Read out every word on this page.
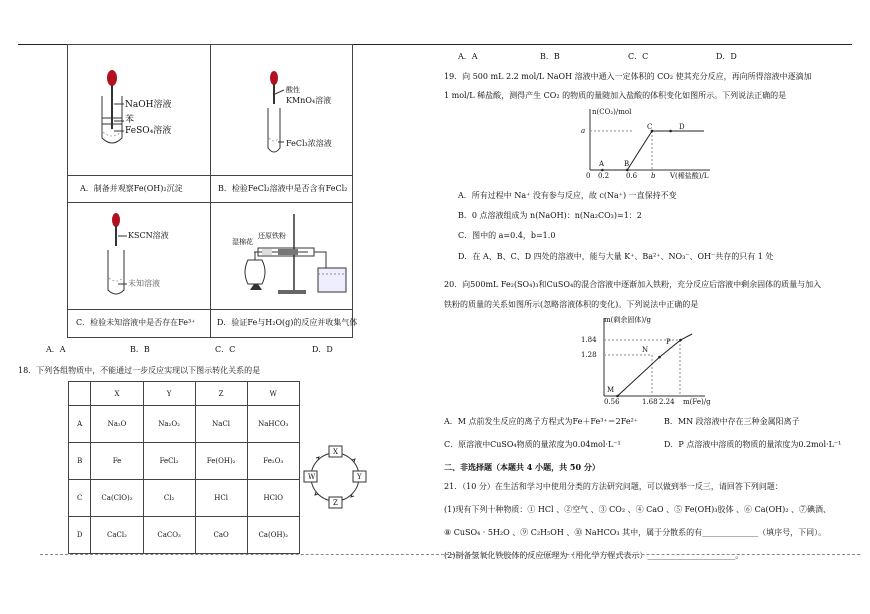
NaOH溶液
苯
FeSO₄溶液
酸性
KMnO₄溶液
FeCl₃浓溶液
A．制备并观察Fe(OH)₂沉淀	B．检验FeCl₂溶液中是否含有FeCl₂
KSCN溶液
未知溶液
湿棉花
还原铁粉
C．检验未知溶液中是否存在Fe³⁺	D．验证Fe与H₂O(g)的反应并收集气体
A．A	B．B	C．C	D．D
18．下列各组物质中，不能通过一步反应实现以下图示转化关系的是
	X	Y	Z	W	
A	Na₂O	Na₂O₂	NaCl	NaHCO₃	
B	Fe	FeCl₂	Fe(OH)₂	Fe₂O₃	
C	Ca(ClO)₂	Cl₂	HCl	HClO	
D	CaCl₂	CaCO₃	CaO	Ca(OH)₂	
X
Y
Z
W
A．A	B．B	C．C	D．D
19．向 500 mL 2.2 mol/L NaOH 溶液中通入一定体积的 CO₂ 使其充分反应，再向所得溶液中逐滴加
1 mol/L 稀盐酸，测得产生 CO₂ 的物质的量随加入盐酸的体积变化如图所示。下列说法正确的是
n(CO₂)/mol
a
0 0.2 0.6 b V(稀盐酸)/L
A	B
C	D
A．所有过程中 Na⁺ 没有参与反应，故 c(Na⁺) 一直保持不变
B．0 点溶液组成为 n(NaOH)：n(Na₂CO₃)=1：2
C．图中的 a=0.4，b=1.0
D．在 A、B、C、D 四处的溶液中，能与大量 K⁺、Ba²⁺、NO₃⁻、OH⁻共存的只有 1 处
20．向500mL Fe₂(SO₄)₃和CuSO₄的混合溶液中逐渐加入铁粉，充分反应后溶液中剩余固体的质量与加入
铁粉的质量的关系如图所示(忽略溶液体积的变化)。下列说法中正确的是
m(剩余固体)/g
1.84
1.28
0.56	1.68 2.24 m(Fe)/g
M
N
P
A．M 点前发生反应的离子方程式为Fe＋Fe³⁺＝2Fe²⁺	B．MN 段溶液中存在三种金属阳离子
C．原溶液中CuSO₄物质的量浓度为0.04mol·L⁻¹	D．P 点溶液中溶质的物质的量浓度为0.2mol·L⁻¹
二、非选择题（本题共 4 小题，共 50 分）
21．（10 分）在生活和学习中使用分类的方法研究问题，可以做到举一反三，请回答下列问题：
(1)现有下列十种物质：① HCl 、②空气 、③ CO₂ 、④ CaO 、⑤ Fe(OH)₃胶体 、⑥ Ca(OH)₂ 、⑦碘酒、
⑧ CuSO₄ · 5H₂O 、⑨ C₂H₅OH 、⑩ NaHCO₃ 其中，属于分散系的有______________（填序号，下同）。
(2)制备氢氧化铁胶体的反应原理为（用化学方程式表示）______________________。
